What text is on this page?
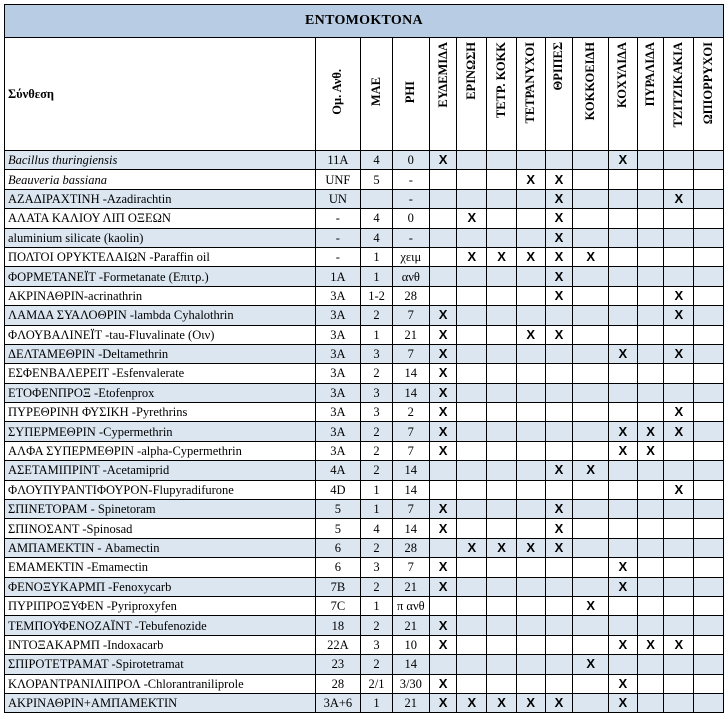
ΕΝΤΟΜΟΚΤΟΝΑ													
Σύνθεση	Ομ. Ανθ.	ΜΑΕ	PHI	ΕΥΔΕΜΙΔΑ	ΕΡΙΝΩΣΗ	ΤΕΤΡ. ΚΟΚΚ	ΤΕΤΡΑΝΥΧΟΙ	ΘΡΙΠΕΣ	ΚΟΚΚΟΕΙΔΗ	ΚΟΧΥΛΙΔΑ	ΠΥΡΑΛΙΔΑ	ΤΖΙΤΖΙΚΑΚΙΑ	ΩΠΙΟΡΡΥΧΟΙ
Bacillus thuringiensis	11A	4	0	X						X			
Beauveria bassiana	UNF	5	-				X	X					
ΑΖΑΔΙΡΑΧΤΙΝΗ -Azadirachtin	UN		-					X				X	
ΑΛΑΤΑ ΚΑΛΙΟΥ ΛΙΠ ΟΞΕΩΝ	-	4	0		X			X					
aluminium silicate (kaolin)	-	4	-					X					
ΠΟΛΤΟΙ ΟΡΥΚΤΕΛΑΙΩΝ -Paraffin oil	-	1	χειμ		X	X	X	X	X				
ΦΟΡΜΕΤΑΝΕΪΤ -Formetanate (Επιτρ.)	1A	1	ανθ					X					
ΑΚΡΙΝΑΘΡΙΝ-acrinathrin	3A	1-2	28					X				X	
ΛΑΜΔΑ ΣΥΑΛΟΘΡΙΝ -lambda Cyhalothrin	3A	2	7	X								X	
ΦΛΟΥΒΑΛΙΝΕΪΤ -tau-Fluvalinate (Oιν)	3A	1	21	X			X	X					
ΔΕΛΤΑΜΕΘΡΙΝ -Deltamethrin	3A	3	7	X						X		X	
ΕΣΦΕΝΒΑΛΕΡΕΙΤ -Esfenvalerate	3A	2	14	X									
ΕΤΟΦΕΝΠΡΟΞ -Etofenprox	3A	3	14	X									
ΠΥΡΕΘΡΙΝΗ ΦΥΣΙΚΗ -Pyrethrins	3A	3	2	X								X	
ΣΥΠΕΡΜΕΘΡΙΝ -Cypermethrin	3A	2	7	X						X	X	X	
ΑΛΦΑ ΣΥΠΕΡΜΕΘΡΙΝ -alpha-Cypermethrin	3A	2	7	X						X	X		
ΑΣΕΤΑΜΙΠΡΙΝΤ -Acetamiprid	4A	2	14					X	X				
ΦΛΟΥΠΥΡΑΝΤΙΦΟΥΡΟΝ-Flupyradifurone	4D	1	14									X	
ΣΠΙΝΕΤΟΡΑΜ - Spinetoram	5	1	7	X				X					
ΣΠΙΝΟΣΑΝΤ -Spinosad	5	4	14	X				X					
ΑΜΠΑΜΕΚΤΙΝ - Abamectin	6	2	28		X	X	X	X					
ΕΜΑΜΕΚΤΙΝ -Emamectin	6	3	7	X						X			
ΦΕΝΟΞΥΚΑΡΜΠ -Fenoxycarb	7B	2	21	X						X			
ΠΥΡΙΠΡΟΞΥΦΕΝ -Pyriproxyfen	7C	1	π ανθ						X				
ΤΕΜΠΟΥΦΕΝΟΖΑΪΝΤ -Tebufenozide	18	2	21	X									
ΙΝΤΟΞΑΚΑΡΜΠ -Indoxacarb	22A	3	10	X						X	X	X	
ΣΠΙΡΟΤΕΤΡΑΜΑΤ -Spirotetramat	23	2	14						X				
ΚΛΟΡΑΝΤΡΑΝΙΛΙΠΡΟΛ -Chlorantraniliprole	28	2/1	3/30	X						X			
ΑΚΡΙΝΑΘΡΙΝ+ΑΜΠΑΜΕΚΤΙΝ	3A+6	1	21	X	X	X	X	X		X			
